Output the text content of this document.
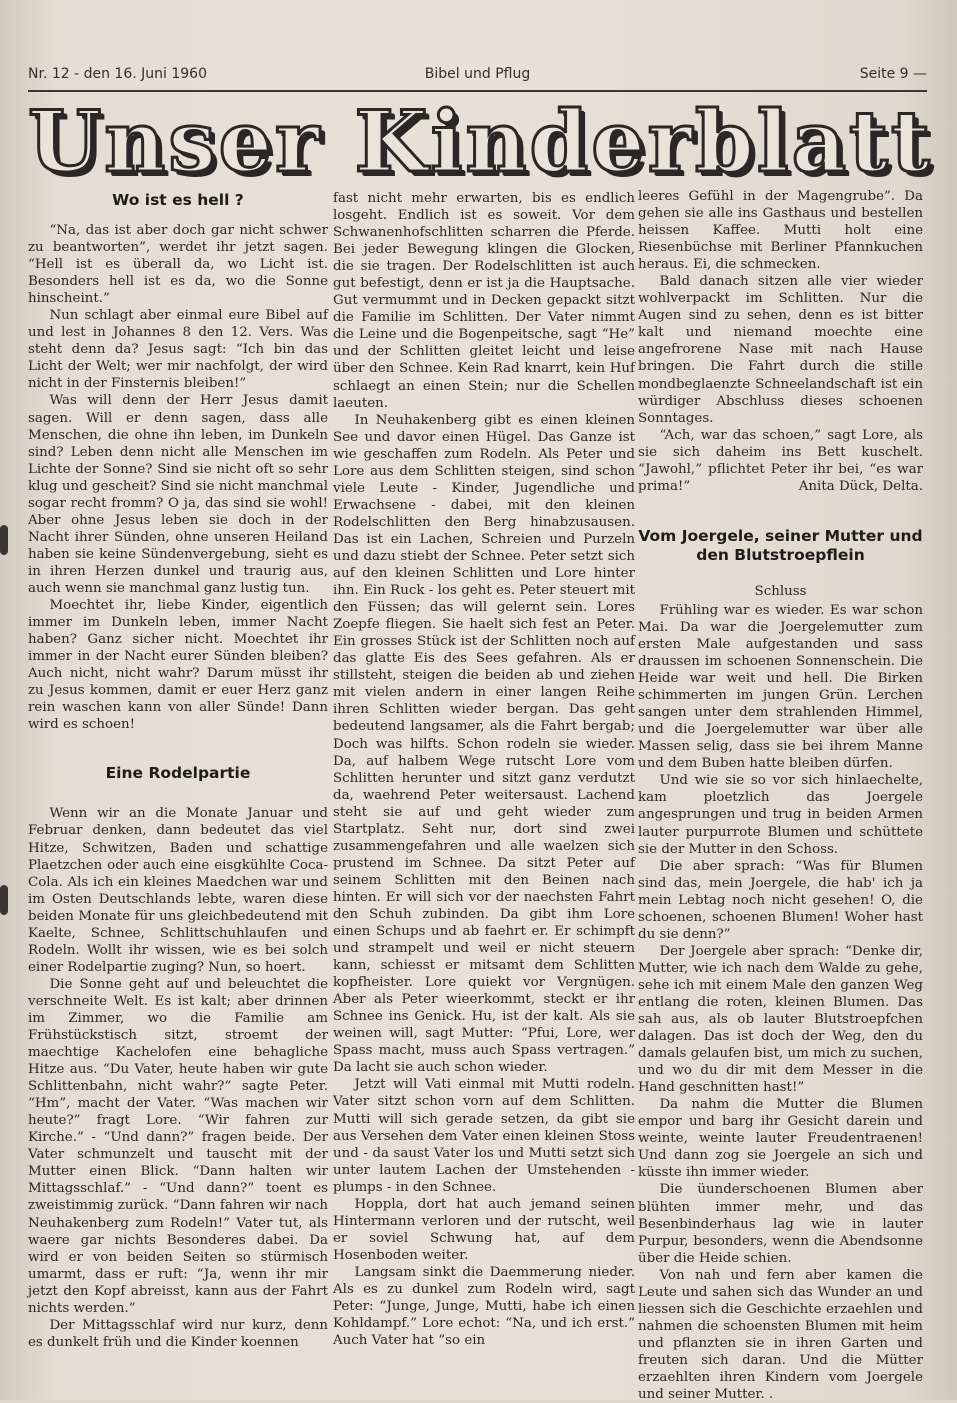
Nr. 12 - den 16. Juni 1960	Bibel und Pflug	Seite 9 —
Unser Kinderblatt
Wo ist es hell ?

“Na, das ist aber doch gar nicht schwer zu beantworten”, werdet ihr jetzt sagen. “Hell ist es überall da, wo Licht ist. Besonders hell ist es da, wo die Sonne hinscheint.”

Nun schlagt aber einmal eure Bibel auf und lest in Johannes 8 den 12. Vers. Was steht denn da? Jesus sagt: “Ich bin das Licht der Welt; wer mir nachfolgt, der wird nicht in der Finsternis bleiben!”

Was will denn der Herr Jesus damit sagen. Will er denn sagen, dass alle Menschen, die ohne ihn leben, im Dunkeln sind? Leben denn nicht alle Menschen im Lichte der Sonne? Sind sie nicht oft so sehr klug und gescheit? Sind sie nicht manchmal sogar recht fromm? O ja, das sind sie wohl! Aber ohne Jesus leben sie doch in der Nacht ihrer Sünden, ohne unseren Heiland haben sie keine Sündenvergebung, sieht es in ihren Herzen dunkel und traurig aus, auch wenn sie manchmal ganz lustig tun.

Moechtet ihr, liebe Kinder, eigentlich immer im Dunkeln leben, immer Nacht haben? Ganz sicher nicht. Moechtet ihr immer in der Nacht eurer Sünden bleiben? Auch nicht, nicht wahr? Darum müsst ihr zu Jesus kommen, damit er euer Herz ganz rein waschen kann von aller Sünde! Dann wird es schoen!

Eine Rodelpartie

Wenn wir an die Monate Januar und Februar denken, dann bedeutet das viel Hitze, Schwitzen, Baden und schattige Plaetzchen oder auch eine eisgkühlte Coca-Cola. Als ich ein kleines Maedchen war und im Osten Deutschlands lebte, waren diese beiden Monate für uns gleichbedeutend mit Kaelte, Schnee, Schlittschuhlaufen und Rodeln. Wollt ihr wissen, wie es bei solch einer Rodelpartie zuging? Nun, so hoert.

Die Sonne geht auf und beleuchtet die verschneite Welt. Es ist kalt; aber drinnen im Zimmer, wo die Familie am Frühstückstisch sitzt, stroemt der maechtige Kachelofen eine behagliche Hitze aus. “Du Vater, heute haben wir gute Schlittenbahn, nicht wahr?” sagte Peter. “Hm”, macht der Vater. “Was machen wir heute?” fragt Lore. “Wir fahren zur Kirche.” - “Und dann?” fragen beide. Der Vater schmunzelt und tauscht mit der Mutter einen Blick. “Dann halten wir Mittagsschlaf.” - “Und dann?” toent es zweistimmig zurück. “Dann fahren wir nach Neuhakenberg zum Rodeln!” Vater tut, als waere gar nichts Besonderes dabei. Da wird er von beiden Seiten so stürmisch umarmt, dass er ruft: “Ja, wenn ihr mir jetzt den Kopf abreisst, kann aus der Fahrt nichts werden.”

Der Mittagsschlaf wird nur kurz, denn es dunkelt früh und die Kinder koennen

fast nicht mehr erwarten, bis es endlich losgeht. Endlich ist es soweit. Vor dem Schwanenhofschlitten scharren die Pferde. Bei jeder Bewegung klingen die Glocken, die sie tragen. Der Rodelschlitten ist auch gut befestigt, denn er ist ja die Hauptsache. Gut vermummt und in Decken gepackt sitzt die Familie im Schlitten. Der Vater nimmt die Leine und die Bogenpeitsche, sagt “He” und der Schlitten gleitet leicht und leise über den Schnee. Kein Rad knarrt, kein Huf schlaegt an einen Stein; nur die Schellen laeuten.

In Neuhakenberg gibt es einen kleinen See und davor einen Hügel. Das Ganze ist wie geschaffen zum Rodeln. Als Peter und Lore aus dem Schlitten steigen, sind schon viele Leute - Kinder, Jugendliche und Erwachsene - dabei, mit den kleinen Rodelschlitten den Berg hinabzusausen. Das ist ein Lachen, Schreien und Purzeln und dazu stiebt der Schnee. Peter setzt sich auf den kleinen Schlitten und Lore hinter ihn. Ein Ruck - los geht es. Peter steuert mit den Füssen; das will gelernt sein. Lores Zoepfe fliegen. Sie haelt sich fest an Peter. Ein grosses Stück ist der Schlitten noch auf das glatte Eis des Sees gefahren. Als er stillsteht, steigen die beiden ab und ziehen mit vielen andern in einer langen Reihe ihren Schlitten wieder bergan. Das geht bedeutend langsamer, als die Fahrt bergab; Doch was hilfts. Schon rodeln sie wieder. Da, auf halbem Wege rutscht Lore vom Schlitten herunter und sitzt ganz verdutzt da, waehrend Peter weitersaust. Lachend steht sie auf und geht wieder zum Startplatz. Seht nur, dort sind zwei zusammengefahren und alle waelzen sich prustend im Schnee. Da sitzt Peter auf seinem Schlitten mit den Beinen nach hinten. Er will sich vor der naechsten Fahrt den Schuh zubinden. Da gibt ihm Lore einen Schups und ab faehrt er. Er schimpft und strampelt und weil er nicht steuern kann, schiesst er mitsamt dem Schlitten kopfheister. Lore quiekt vor Vergnügen. Aber als Peter wieerkommt, steckt er ihr Schnee ins Genick. Hu, ist der kalt. Als sie weinen will, sagt Mutter: “Pfui, Lore, wer Spass macht, muss auch Spass vertragen.” Da lacht sie auch schon wieder.

Jetzt will Vati einmal mit Mutti rodeln. Vater sitzt schon vorn auf dem Schlitten. Mutti will sich gerade setzen, da gibt sie aus Versehen dem Vater einen kleinen Stoss und - da saust Vater los und Mutti setzt sich unter lautem Lachen der Umstehenden - plumps - in den Schnee.

Hoppla, dort hat auch jemand seinen Hintermann verloren und der rutscht, weil er soviel Schwung hat, auf dem Hosenboden weiter.

Langsam sinkt die Daemmerung nieder. Als es zu dunkel zum Rodeln wird, sagt Peter: “Junge, Junge, Mutti, habe ich einen Kohldampf.” Lore echot: “Na, und ich erst.” Auch Vater hat “so ein

leeres Gefühl in der Magengrube”. Da gehen sie alle ins Gasthaus und bestellen heissen Kaffee. Mutti holt eine Riesenbüchse mit Berliner Pfannkuchen heraus. Ei, die schmecken.

Bald danach sitzen alle vier wieder wohlverpackt im Schlitten. Nur die Augen sind zu sehen, denn es ist bitter kalt und niemand moechte eine angefrorene Nase mit nach Hause bringen. Die Fahrt durch die stille mondbeglaenzte Schneelandschaft ist ein würdiger Abschluss dieses schoenen Sonntages.

“Ach, war das schoen,” sagt Lore, als sie sich daheim ins Bett kuschelt. “Jawohl,” pflichtet Peter ihr bei, “es war prima!”	Anita Dück, Delta.

Vom Joergele, seiner Mutter und den Blutstroepflein

Schluss

Frühling war es wieder. Es war schon Mai. Da war die Joergelemutter zum ersten Male aufgestanden und sass draussen im schoenen Sonnenschein. Die Heide war weit und hell. Die Birken schimmerten im jungen Grün. Lerchen sangen unter dem strahlenden Himmel, und die Joergelemutter war über alle Massen selig, dass sie bei ihrem Manne und dem Buben hatte bleiben dürfen.

Und wie sie so vor sich hinlaechelte, kam ploetzlich das Joergele angesprungen und trug in beiden Armen lauter purpurrote Blumen und schüttete sie der Mutter in den Schoss.

Die aber sprach: “Was für Blumen sind das, mein Joergele, die hab' ich ja mein Lebtag noch nicht gesehen! O, die schoenen, schoenen Blumen! Woher hast du sie denn?”

Der Joergele aber sprach: “Denke dir, Mutter, wie ich nach dem Walde zu gehe, sehe ich mit einem Male den ganzen Weg entlang die roten, kleinen Blumen. Das sah aus, als ob lauter Blutstroepfchen dalagen. Das ist doch der Weg, den du damals gelaufen bist, um mich zu suchen, und wo du dir mit dem Messer in die Hand geschnitten hast!”

Da nahm die Mutter die Blumen empor und barg ihr Gesicht darein und weinte, weinte lauter Freudentraenen! Und dann zog sie Joergele an sich und küsste ihn immer wieder.

Die üunderschoenen Blumen aber blühten immer mehr, und das Besenbinderhaus lag wie in lauter Purpur, besonders, wenn die Abendsonne über die Heide schien.

Von nah und fern aber kamen die Leute und sahen sich das Wunder an und liessen sich die Geschichte erzaehlen und nahmen die schoensten Blumen mit heim und pflanzten sie in ihren Garten und freuten sich daran. Und die Mütter erzaehlten ihren Kindern vom Joergele und seiner Mutter. .
